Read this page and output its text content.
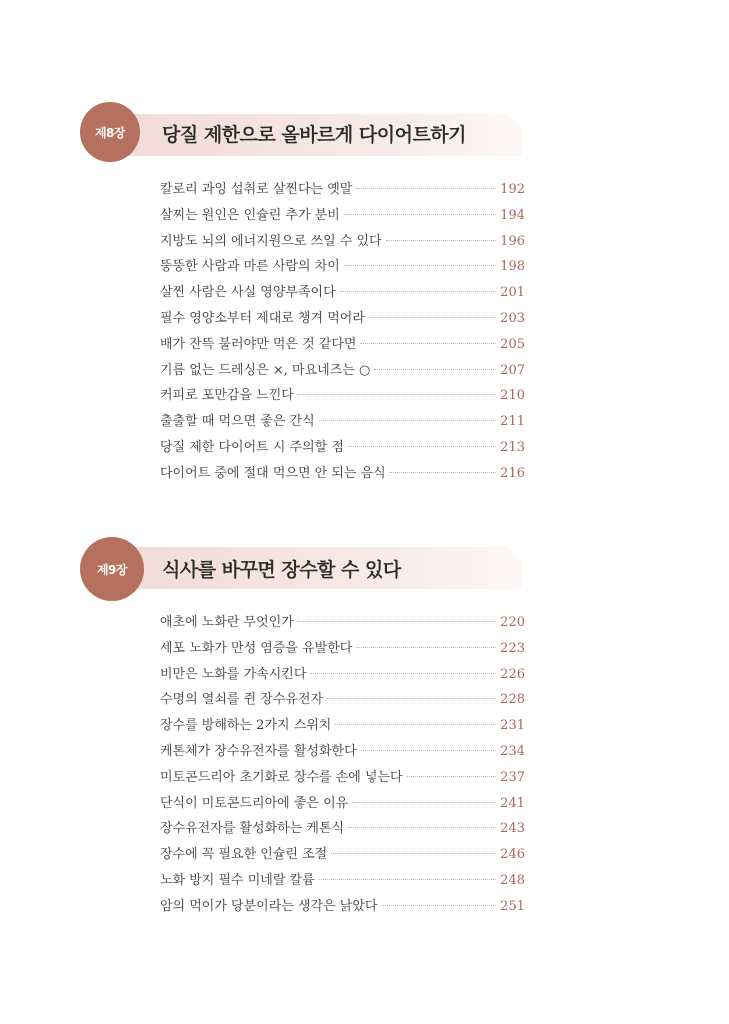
제8장	당질 제한으로 올바르게 다이어트하기
칼로리 과잉 섭취로 살찐다는 옛말	192
살찌는 원인은 인슐린 추가 분비	194
지방도 뇌의 에너지원으로 쓰일 수 있다	196
뚱뚱한 사람과 마른 사람의 차이	198
살찐 사람은 사실 영양부족이다	201
필수 영양소부터 제대로 챙겨 먹어라	203
배가 잔뜩 불러야만 먹은 것 같다면	205
기름 없는 드레싱은 ×, 마요네즈는 ○	207
커피로 포만감을 느낀다	210
출출할 때 먹으면 좋은 간식	211
당질 제한 다이어트 시 주의할 점	213
다이어트 중에 절대 먹으면 안 되는 음식	216
제9장	식사를 바꾸면 장수할 수 있다
애초에 노화란 무엇인가	220
세포 노화가 만성 염증을 유발한다	223
비만은 노화를 가속시킨다	226
수명의 열쇠를 쥔 장수유전자	228
장수를 방해하는 2가지 스위치	231
케톤체가 장수유전자를 활성화한다	234
미토콘드리아 초기화로 장수를 손에 넣는다	237
단식이 미토콘드리아에 좋은 이유	241
장수유전자를 활성화하는 케톤식	243
장수에 꼭 필요한 인슐린 조절	246
노화 방지 필수 미네랄 칼륨	248
암의 먹이가 당분이라는 생각은 낡았다	251
